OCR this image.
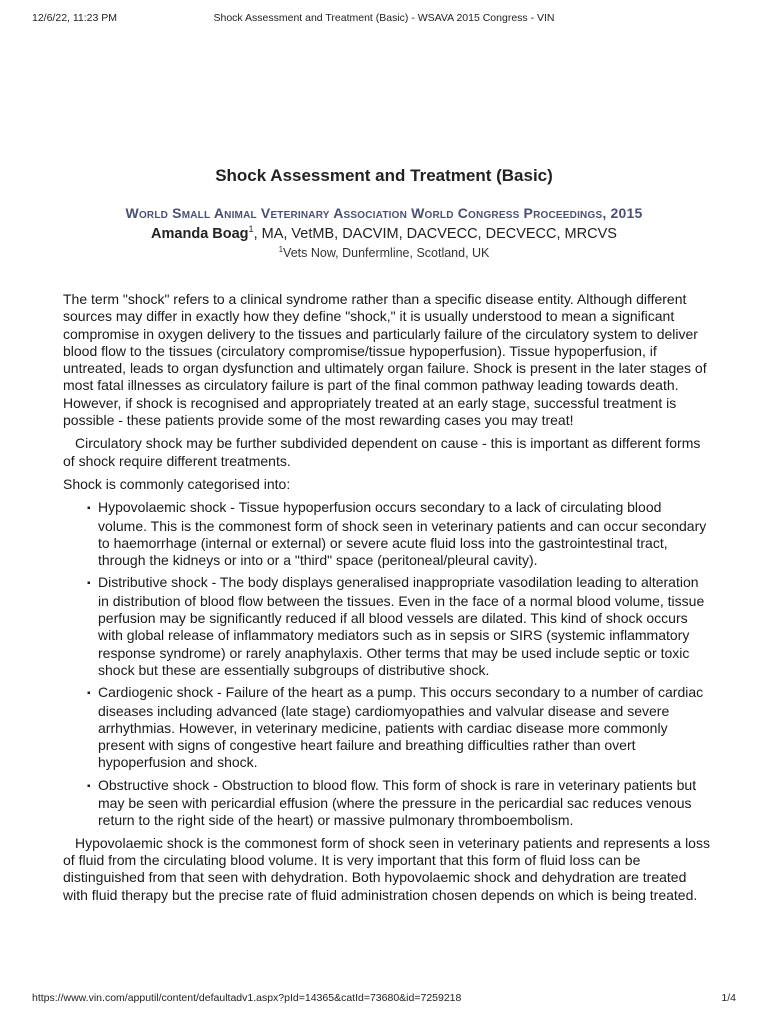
12/6/22, 11:23 PM	Shock Assessment and Treatment (Basic) - WSAVA 2015 Congress - VIN
Shock Assessment and Treatment (Basic)
World Small Animal Veterinary Association World Congress Proceedings, 2015
Amanda Boag$^1$, MA, VetMB, DACVIM, DACVECC, DECVECC, MRCVS
$^1$Vets Now, Dunfermline, Scotland, UK

The term "shock" refers to a clinical syndrome rather than a specific disease entity. Although different sources may differ in exactly how they define "shock," it is usually understood to mean a significant compromise in oxygen delivery to the tissues and particularly failure of the circulatory system to deliver blood flow to the tissues (circulatory compromise/tissue hypoperfusion). Tissue hypoperfusion, if untreated, leads to organ dysfunction and ultimately organ failure. Shock is present in the later stages of most fatal illnesses as circulatory failure is part of the final common pathway leading towards death. However, if shock is recognised and appropriately treated at an early stage, successful treatment is possible - these patients provide some of the most rewarding cases you may treat!

Circulatory shock may be further subdivided dependent on cause - this is important as different forms of shock require different treatments.

Shock is commonly categorised into:

▪ Hypovolaemic shock - Tissue hypoperfusion occurs secondary to a lack of circulating blood volume. This is the commonest form of shock seen in veterinary patients and can occur secondary to haemorrhage (internal or external) or severe acute fluid loss into the gastrointestinal tract, through the kidneys or into or a "third" space (peritoneal/pleural cavity).
▪ Distributive shock - The body displays generalised inappropriate vasodilation leading to alteration in distribution of blood flow between the tissues. Even in the face of a normal blood volume, tissue perfusion may be significantly reduced if all blood vessels are dilated. This kind of shock occurs with global release of inflammatory mediators such as in sepsis or SIRS (systemic inflammatory response syndrome) or rarely anaphylaxis. Other terms that may be used include septic or toxic shock but these are essentially subgroups of distributive shock.
▪ Cardiogenic shock - Failure of the heart as a pump. This occurs secondary to a number of cardiac diseases including advanced (late stage) cardiomyopathies and valvular disease and severe arrhythmias. However, in veterinary medicine, patients with cardiac disease more commonly present with signs of congestive heart failure and breathing difficulties rather than overt hypoperfusion and shock.
▪ Obstructive shock - Obstruction to blood flow. This form of shock is rare in veterinary patients but may be seen with pericardial effusion (where the pressure in the pericardial sac reduces venous return to the right side of the heart) or massive pulmonary thromboembolism.

Hypovolaemic shock is the commonest form of shock seen in veterinary patients and represents a loss of fluid from the circulating blood volume. It is very important that this form of fluid loss can be distinguished from that seen with dehydration. Both hypovolaemic shock and dehydration are treated with fluid therapy but the precise rate of fluid administration chosen depends on which is being treated.

https://www.vin.com/apputil/content/defaultadv1.aspx?pId=14365&catId=73680&id=7259218	1/4
